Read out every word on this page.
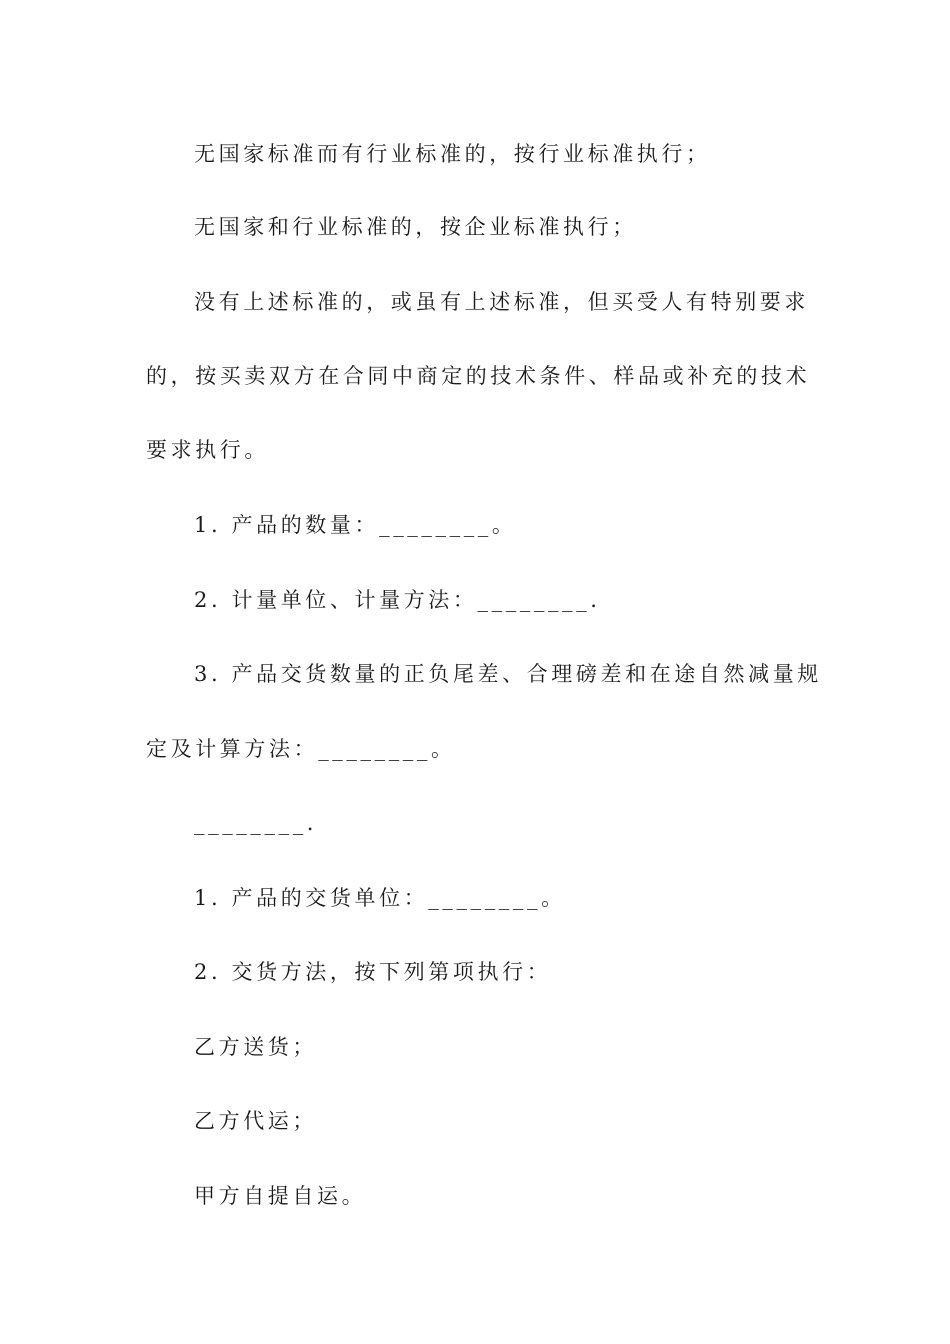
无国家标准而有行业标准的，按行业标准执行；
无国家和行业标准的，按企业标准执行；
没有上述标准的，或虽有上述标准，但买受人有特别要求
的，按买卖双方在合同中商定的技术条件、样品或补充的技术
要求执行。
1. 产品的数量：________。
2. 计量单位、计量方法：________.
3. 产品交货数量的正负尾差、合理磅差和在途自然减量规
定及计算方法：________。
________.
1. 产品的交货单位：________。
2. 交货方法，按下列第项执行：
乙方送货；
乙方代运；
甲方自提自运。
